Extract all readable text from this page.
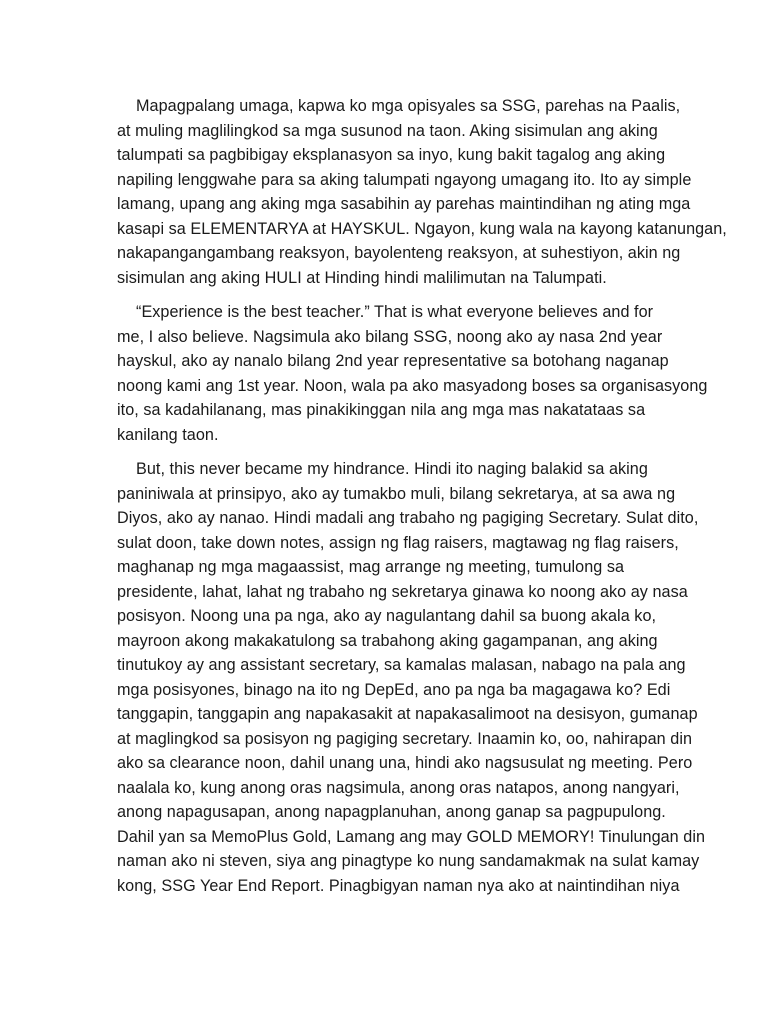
Mapagpalang umaga, kapwa ko mga opisyales sa SSG, parehas na Paalis,
at muling maglilingkod sa mga susunod na taon. Aking sisimulan ang aking
talumpati sa pagbibigay eksplanasyon sa inyo, kung bakit tagalog ang aking
napiling lenggwahe para sa aking talumpati ngayong umagang ito. Ito ay simple
lamang, upang ang aking mga sasabihin ay parehas maintindihan ng ating mga
kasapi sa ELEMENTARYA at HAYSKUL. Ngayon, kung wala na kayong katanungan,
nakapangangambang reaksyon, bayolenteng reaksyon, at suhestiyon, akin ng
sisimulan ang aking HULI at Hinding hindi malilimutan na Talumpati.

“Experience is the best teacher.” That is what everyone believes and for
me, I also believe. Nagsimula ako bilang SSG, noong ako ay nasa 2nd year
hayskul, ako ay nanalo bilang 2nd year representative sa botohang naganap
noong kami ang 1st year. Noon, wala pa ako masyadong boses sa organisasyong
ito, sa kadahilanang, mas pinakikinggan nila ang mga mas nakatataas sa
kanilang taon.

But, this never became my hindrance. Hindi ito naging balakid sa aking
paniniwala at prinsipyo, ako ay tumakbo muli, bilang sekretarya, at sa awa ng
Diyos, ako ay nanao. Hindi madali ang trabaho ng pagiging Secretary. Sulat dito,
sulat doon, take down notes, assign ng flag raisers, magtawag ng flag raisers,
maghanap ng mga magaassist, mag arrange ng meeting, tumulong sa
presidente, lahat, lahat ng trabaho ng sekretarya ginawa ko noong ako ay nasa
posisyon. Noong una pa nga, ako ay nagulantang dahil sa buong akala ko,
mayroon akong makakatulong sa trabahong aking gagampanan, ang aking
tinutukoy ay ang assistant secretary, sa kamalas malasan, nabago na pala ang
mga posisyones, binago na ito ng DepEd, ano pa nga ba magagawa ko? Edi
tanggapin, tanggapin ang napakasakit at napakasalimoot na desisyon, gumanap
at maglingkod sa posisyon ng pagiging secretary. Inaamin ko, oo, nahirapan din
ako sa clearance noon, dahil unang una, hindi ako nagsusulat ng meeting. Pero
naalala ko, kung anong oras nagsimula, anong oras natapos, anong nangyari,
anong napagusapan, anong napagplanuhan, anong ganap sa pagpupulong.
Dahil yan sa MemoPlus Gold, Lamang ang may GOLD MEMORY! Tinulungan din
naman ako ni steven, siya ang pinagtype ko nung sandamakmak na sulat kamay
kong, SSG Year End Report. Pinagbigyan naman nya ako at naintindihan niya
